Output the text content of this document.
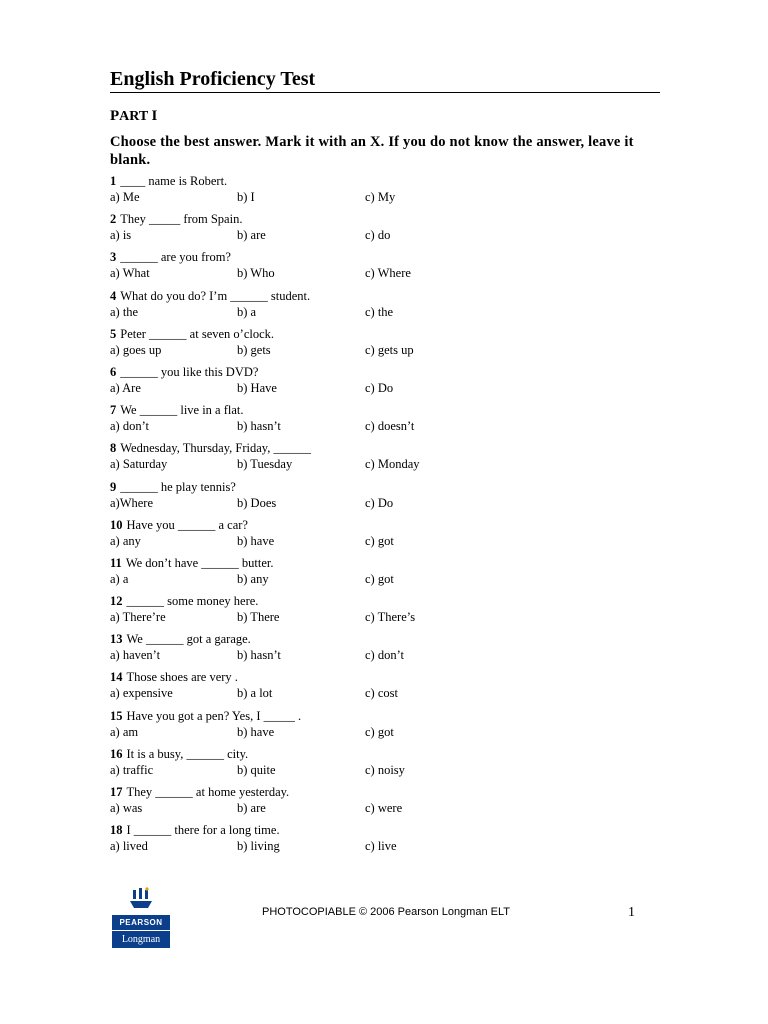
English Proficiency Test
PART I
Choose the best answer. Mark it with an X. If you do not know the answer, leave it blank.
1 ____ name is Robert.
a) Me	b) I	c) My
2 They _____ from Spain.
a) is	b) are	c) do
3 ______ are you from?
a) What	b) Who	c) Where
4 What do you do? I’m ______ student.
a) the	b) a	c) the
5 Peter ______ at seven o’clock.
a) goes up	b) gets	c) gets up
6 ______ you like this DVD?
a) Are	b) Have	c) Do
7 We ______ live in a flat.
a) don’t	b) hasn’t	c) doesn’t
8 Wednesday, Thursday, Friday, ______
a) Saturday	b) Tuesday	c) Monday
9 ______ he play tennis?
a)Where	b) Does	c) Do
10 Have you ______ a car?
a) any	b) have	c) got
11 We don’t have ______ butter.
a) a	b) any	c) got
12 ______ some money here.
a) There’re	b) There	c) There’s
13 We ______ got a garage.
a) haven’t	b) hasn’t	c) don’t
14 Those shoes are very .
a) expensive	b) a lot	c) cost
15 Have you got a pen? Yes, I _____ .
a) am	b) have	c) got
16 It is a busy, ______ city.
a) traffic	b) quite	c) noisy
17 They ______ at home yesterday.
a) was	b) are	c) were
18 I ______ there for a long time.
a) lived	b) living	c) live
PEARSON
Longman
PHOTOCOPIABLE © 2006 Pearson Longman ELT	1
